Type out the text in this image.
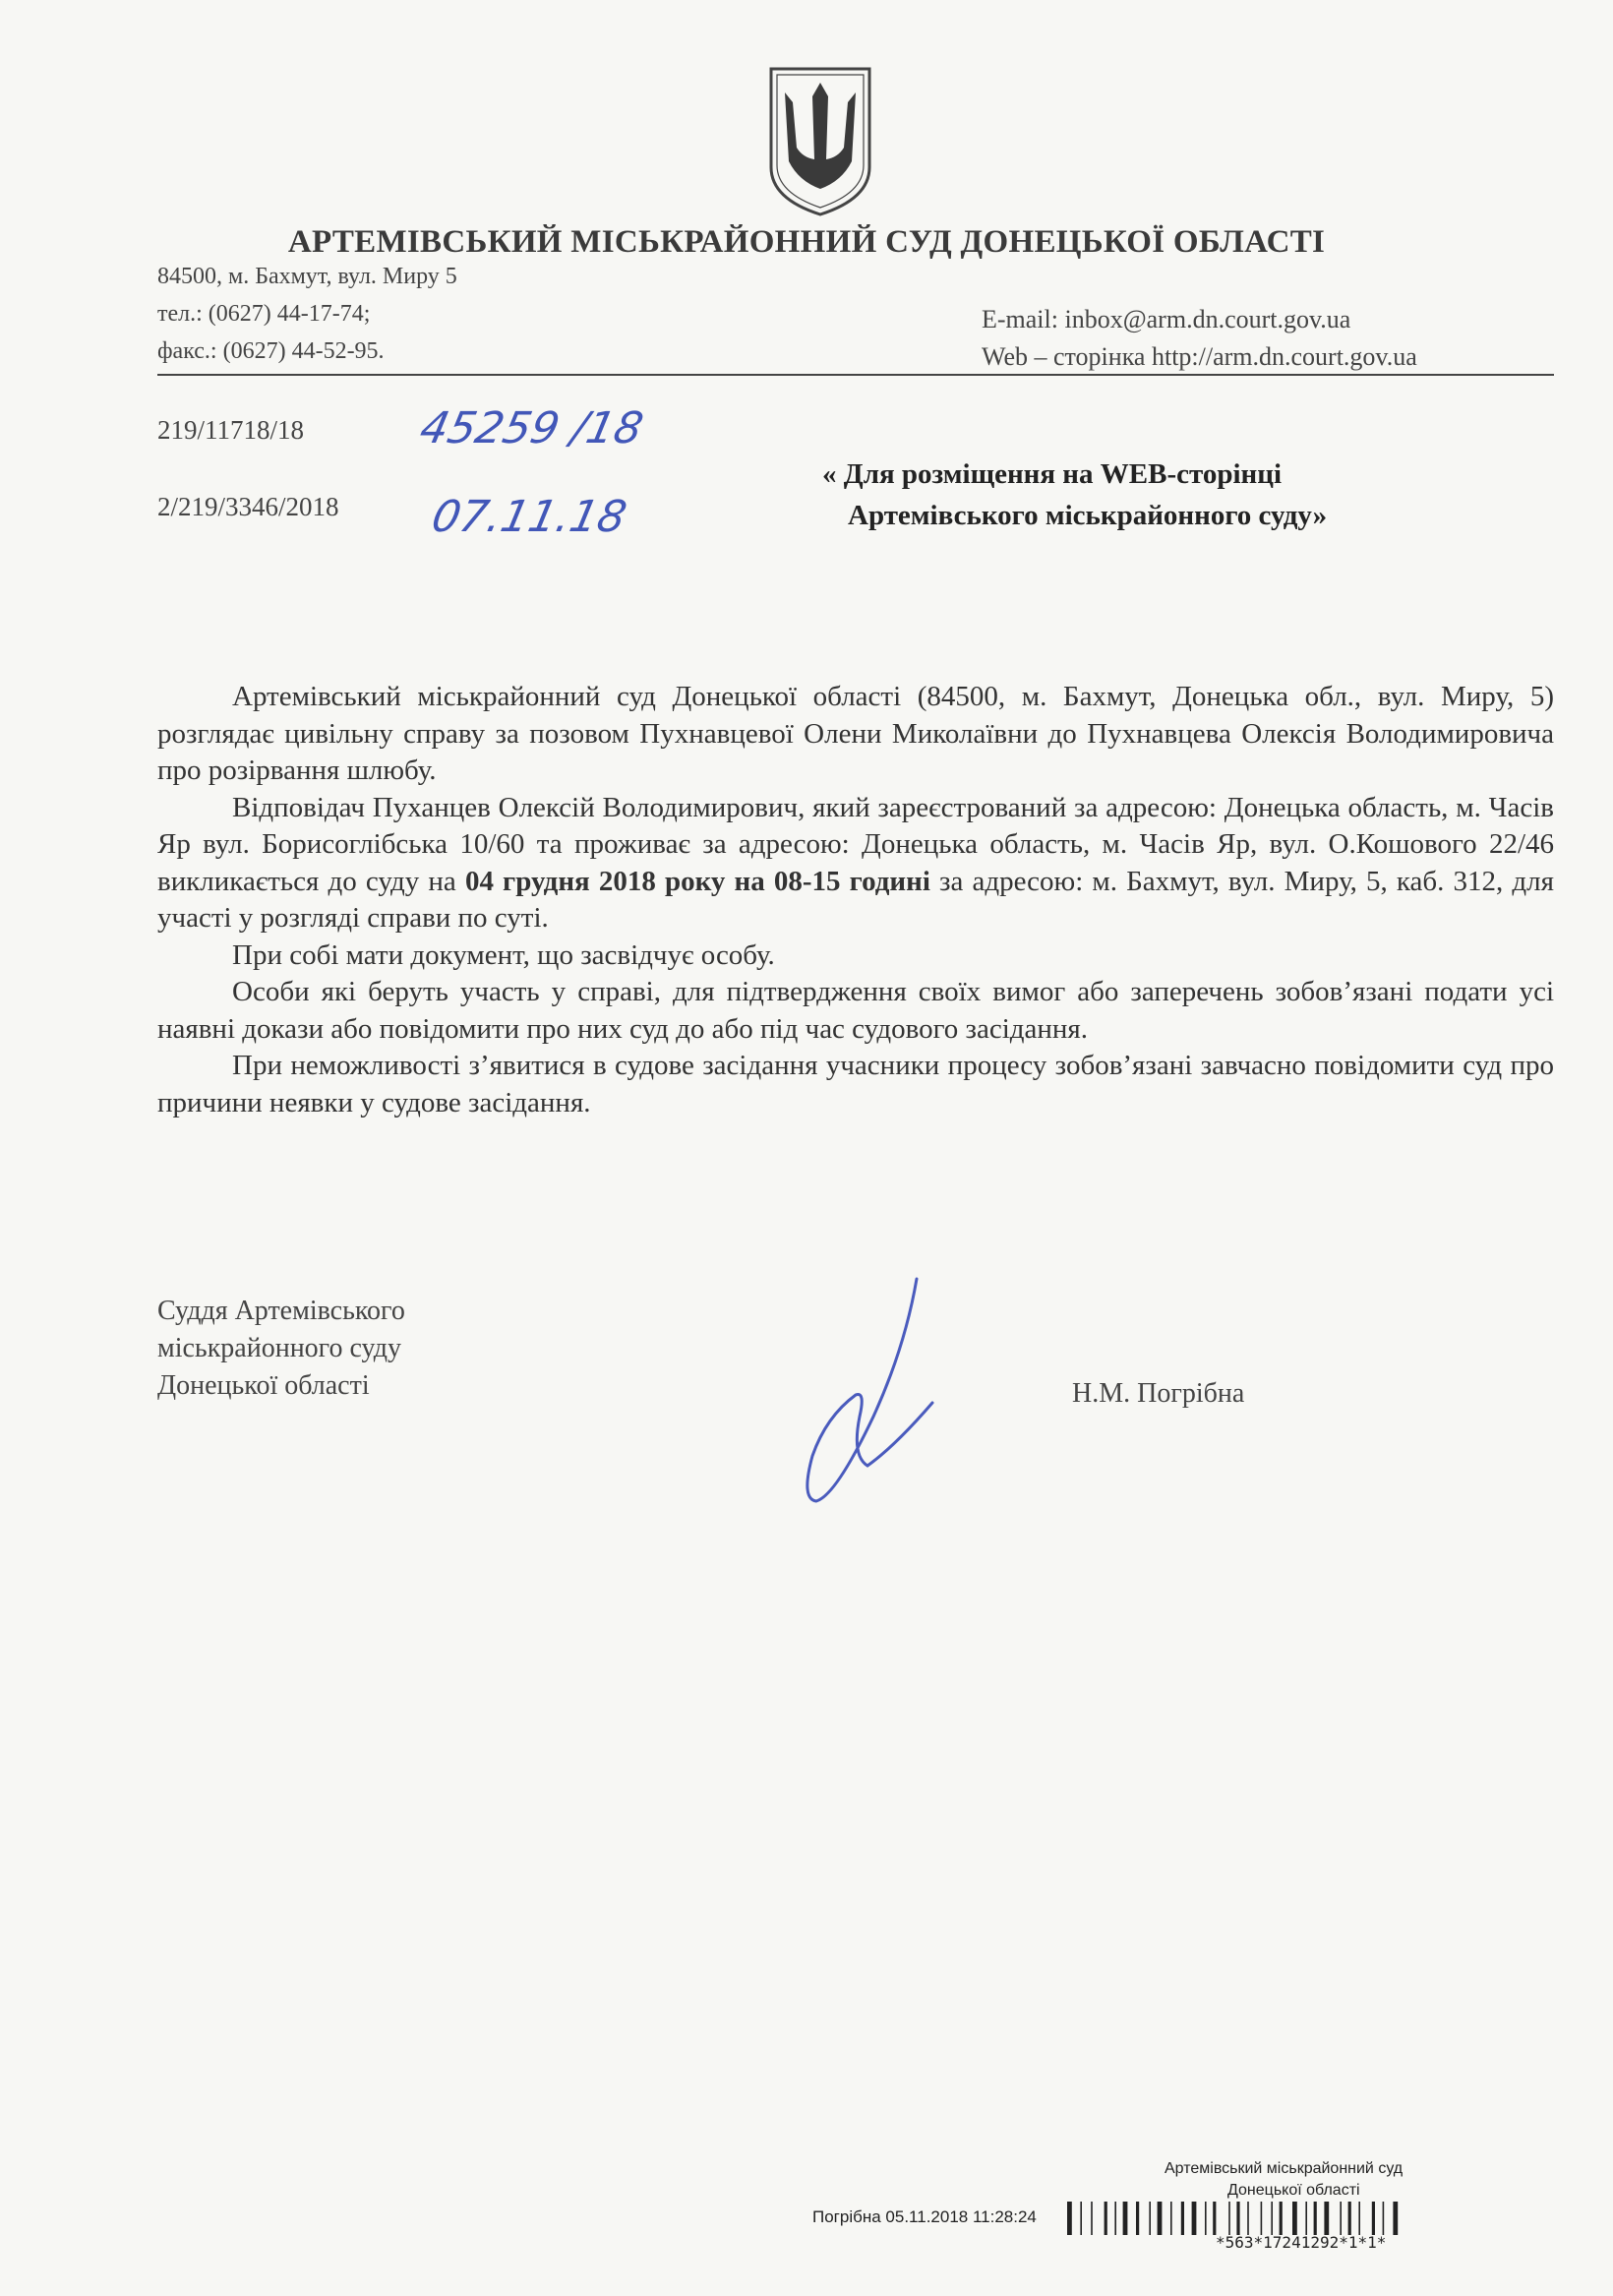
АРТЕМІВСЬКИЙ МІСЬКРАЙОННИЙ СУД ДОНЕЦЬКОЇ ОБЛАСТІ
84500, м. Бахмут, вул. Миру 5
тел.: (0627) 44-17-74;
факс.: (0627) 44-52-95.
E-mail: inbox@arm.dn.court.gov.ua
Web – сторінка http://arm.dn.court.gov.ua
219/11718/18	45259 /18
2/219/3346/2018 07.11.18
« Для розміщення на WEB-сторінці
Артемівського міськрайонного суду»

Артемівський міськрайонний суд Донецької області (84500, м. Бахмут, Донецька обл., вул. Миру, 5) розглядає цивільну справу за позовом Пухнавцевої Олени Миколаївни до Пухнавцева Олексія Володимировича про розірвання шлюбу.

Відповідач Пуханцев Олексій Володимирович, який зареєстрований за адресою: Донецька область, м. Часів Яр вул. Борисоглібська 10/60 та проживає за адресою: Донецька область, м. Часів Яр, вул. О.Кошового 22/46 викликається до суду на 04 грудня 2018 року на 08-15 годині за адресою: м. Бахмут, вул. Миру, 5, каб. 312, для участі у розгляді справи по суті.

При собі мати документ, що засвідчує особу.

Особи які беруть участь у справі, для підтвердження своїх вимог або заперечень зобов’язані подати усі наявні докази або повідомити про них суд до або під час судового засідання.

При неможливості з’явитися в судове засідання учасники процесу зобов’язані завчасно повідомити суд про причини неявки у судове засідання.

Суддя Артемівського
міськрайонного суду
Донецької області	Н.М. Погрібна
Артемівський міськрайонний суд
Донецької області
Погрібна 05.11.2018 11:28:24
*563*17241292*1*1*
